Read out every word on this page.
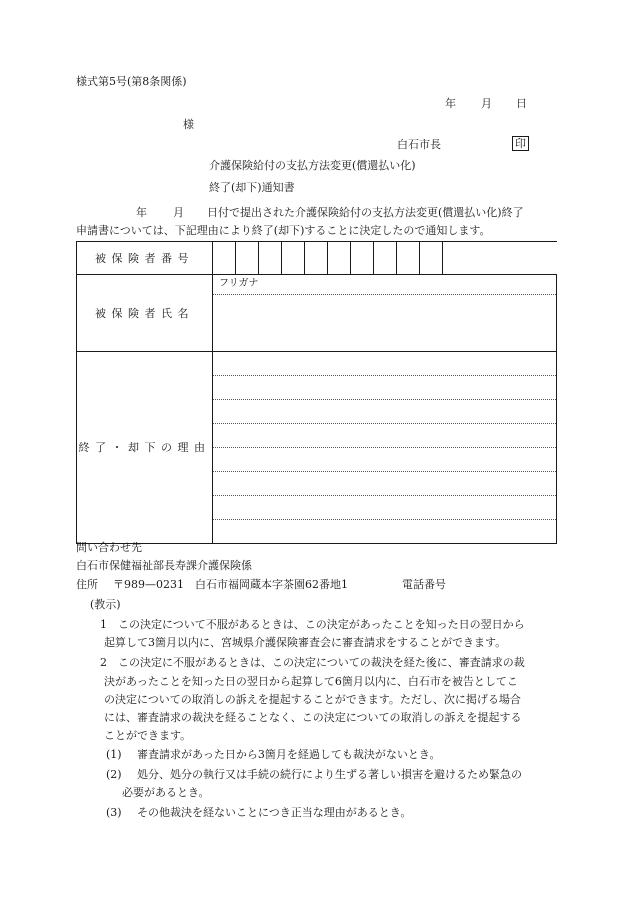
様式第5号(第8条関係)
年 月 日
様
白石市長	印
介護保険給付の支払方法変更(償還払い化)
終了(却下)通知書
年 月 日付で提出された介護保険給付の支払方法変更(償還払い化)終了
申請書については、下記理由により終了(却下)することに決定したので通知します。
被保険者番号											
被保険者氏名	フリガナ										

終了・却下の理由											
問い合わせ先
白石市保健福祉部長寿課介護保険係
住所 〒989—0231　白石市福岡蔵本字茶園62番地1	電話番号
(教示)
1 この決定について不服があるときは、この決定があったことを知った日の翌日から
起算して3箇月以内に、宮城県介護保険審査会に審査請求をすることができます。
2 この決定に不服があるときは、この決定についての裁決を経た後に、審査請求の裁
決があったことを知った日の翌日から起算して6箇月以内に、白石市を被告としてこ
の決定についての取消しの訴えを提起することができます。ただし、次に掲げる場合
には、審査請求の裁決を経ることなく、この決定についての取消しの訴えを提起する
ことができます。
(1) 審査請求があった日から3箇月を経過しても裁決がないとき。
(2) 処分、処分の執行又は手続の続行により生ずる著しい損害を避けるため緊急の
必要があるとき。
(3) その他裁決を経ないことにつき正当な理由があるとき。
